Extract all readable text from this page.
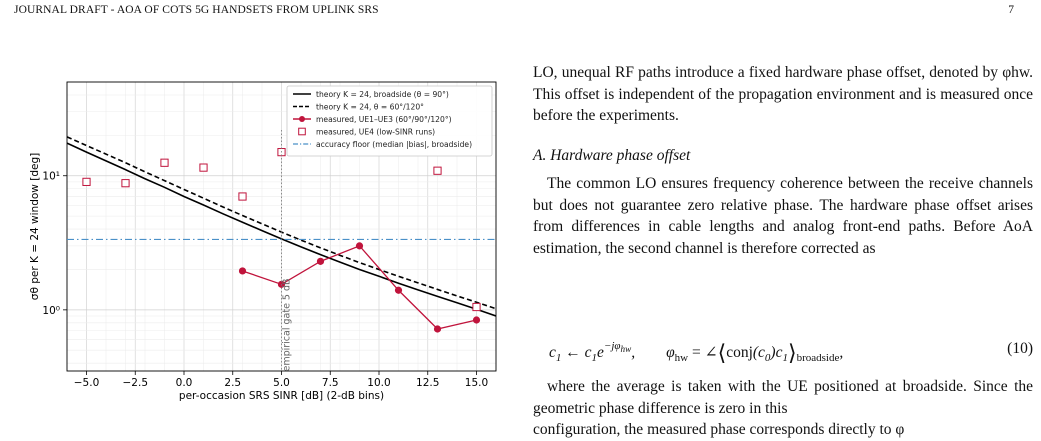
JOURNAL DRAFT - AOA OF COTS 5G HANDSETS FROM UPLINK SRS	7
−5.0 −2.5	0.0	2.5	5.0	7.5	10.0 12.5 15.0
10⁰
10¹
per-occasion SRS SINR [dB] (2-dB bins)
σθ per K = 24 window [deg]
empirical gate 5 dB
theory K = 24, broadside (θ = 90°)
theory K = 24, θ = 60°/120°
measured, UE1–UE3 (60°/90°/120°)
measured, UE4 (low-SINR runs)
accuracy floor (median |bias|, broadside)

LO, unequal RF paths introduce a fixed hardware phase offset, denoted by φhw. This offset is independent of the propagation environment and is measured once before the experiments.

A. Hardware phase offset

The common LO ensures frequency coherence between the receive channels but does not guarantee zero relative phase. The hardware phase offset arises from differences in cable lengths and analog front-end paths. Before AoA estimation, the second channel is therefore corrected as

$c_1$ ← $c_1e^{-j\varphi_{hw}}$,        $\varphi_{hw}$ = $\angle⟨conj(c_0)c_1⟩_{broadside}$,	(10)

where the average is taken with the UE positioned at broadside. Since the geometric phase difference is zero in this

configuration, the measured phase corresponds directly to φ
